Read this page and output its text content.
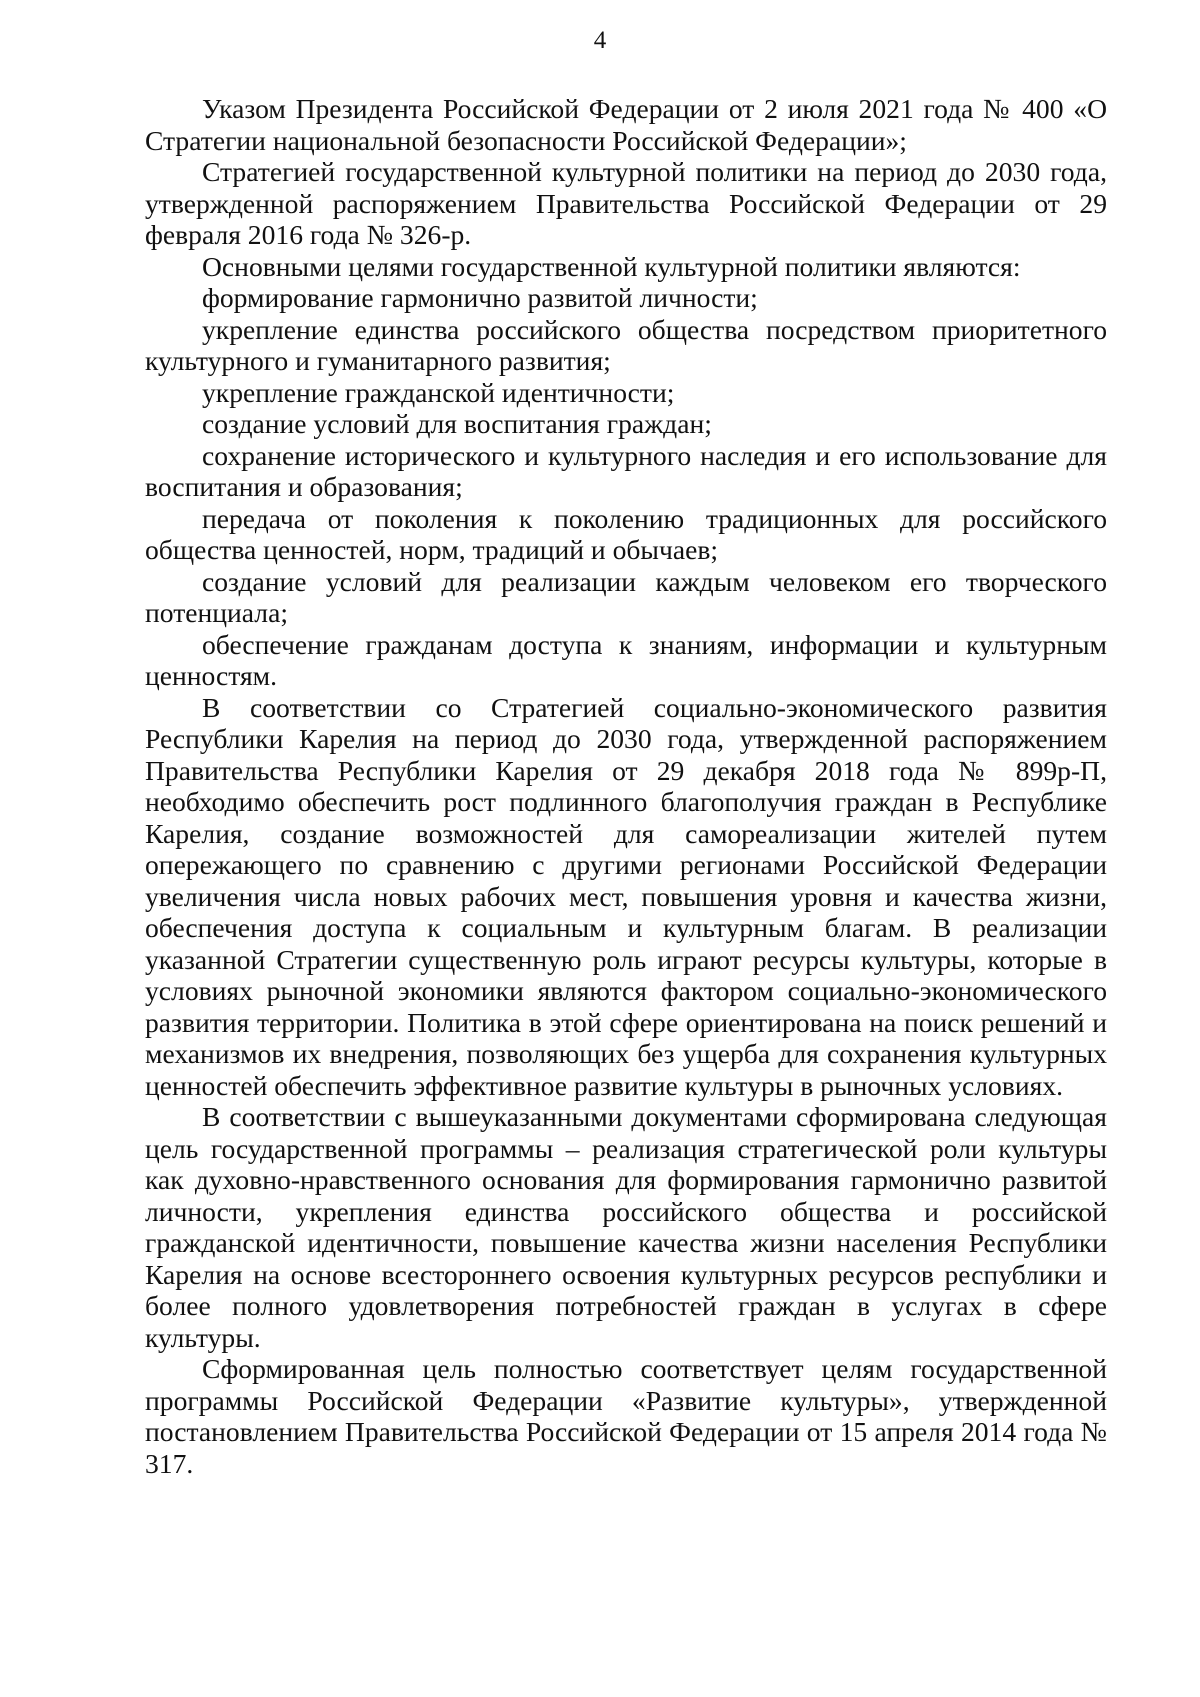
4

Указом Президента Российской Федерации от 2 июля 2021 года № 400 «О Стратегии национальной безопасности Российской Федерации»;

Стратегией государственной культурной политики на период до 2030 года, утвержденной распоряжением Правительства Российской Федерации от 29 февраля 2016 года № 326-р.

Основными целями государственной культурной политики являются:

формирование гармонично развитой личности;

укрепление единства российского общества посредством приоритетного культурного и гуманитарного развития;

укрепление гражданской идентичности;

создание условий для воспитания граждан;

сохранение исторического и культурного наследия и его использование для воспитания и образования;

передача от поколения к поколению традиционных для российского общества ценностей, норм, традиций и обычаев;

создание условий для реализации каждым человеком его творческого потенциала;

обеспечение гражданам доступа к знаниям, информации и культурным ценностям.

В соответствии со Стратегией социально-экономического развития Республики Карелия на период до 2030 года, утвержденной распоряжением Правительства Республики Карелия от 29 декабря 2018 года № 899р-П, необходимо обеспечить рост подлинного благополучия граждан в Республике Карелия, создание возможностей для самореализации жителей путем опережающего по сравнению с другими регионами Российской Федерации увеличения числа новых рабочих мест, повышения уровня и качества жизни, обеспечения доступа к социальным и культурным благам. В реализации указанной Стратегии существенную роль играют ресурсы культуры, которые в условиях рыночной экономики являются фактором социально-экономического развития территории. Политика в этой сфере ориентирована на поиск решений и механизмов их внедрения, позволяющих без ущерба для сохранения культурных ценностей обеспечить эффективное развитие культуры в рыночных условиях.

В соответствии с вышеуказанными документами сформирована следующая цель государственной программы – реализация стратегической роли культуры как духовно-нравственного основания для формирования гармонично развитой личности, укрепления единства российского общества и российской гражданской идентичности, повышение качества жизни населения Республики Карелия на основе всестороннего освоения культурных ресурсов республики и более полного удовлетворения потребностей граждан в услугах в сфере культуры.

Сформированная цель полностью соответствует целям государственной программы Российской Федерации «Развитие культуры», утвержденной постановлением Правительства Российской Федерации от 15 апреля 2014 года № 317.
